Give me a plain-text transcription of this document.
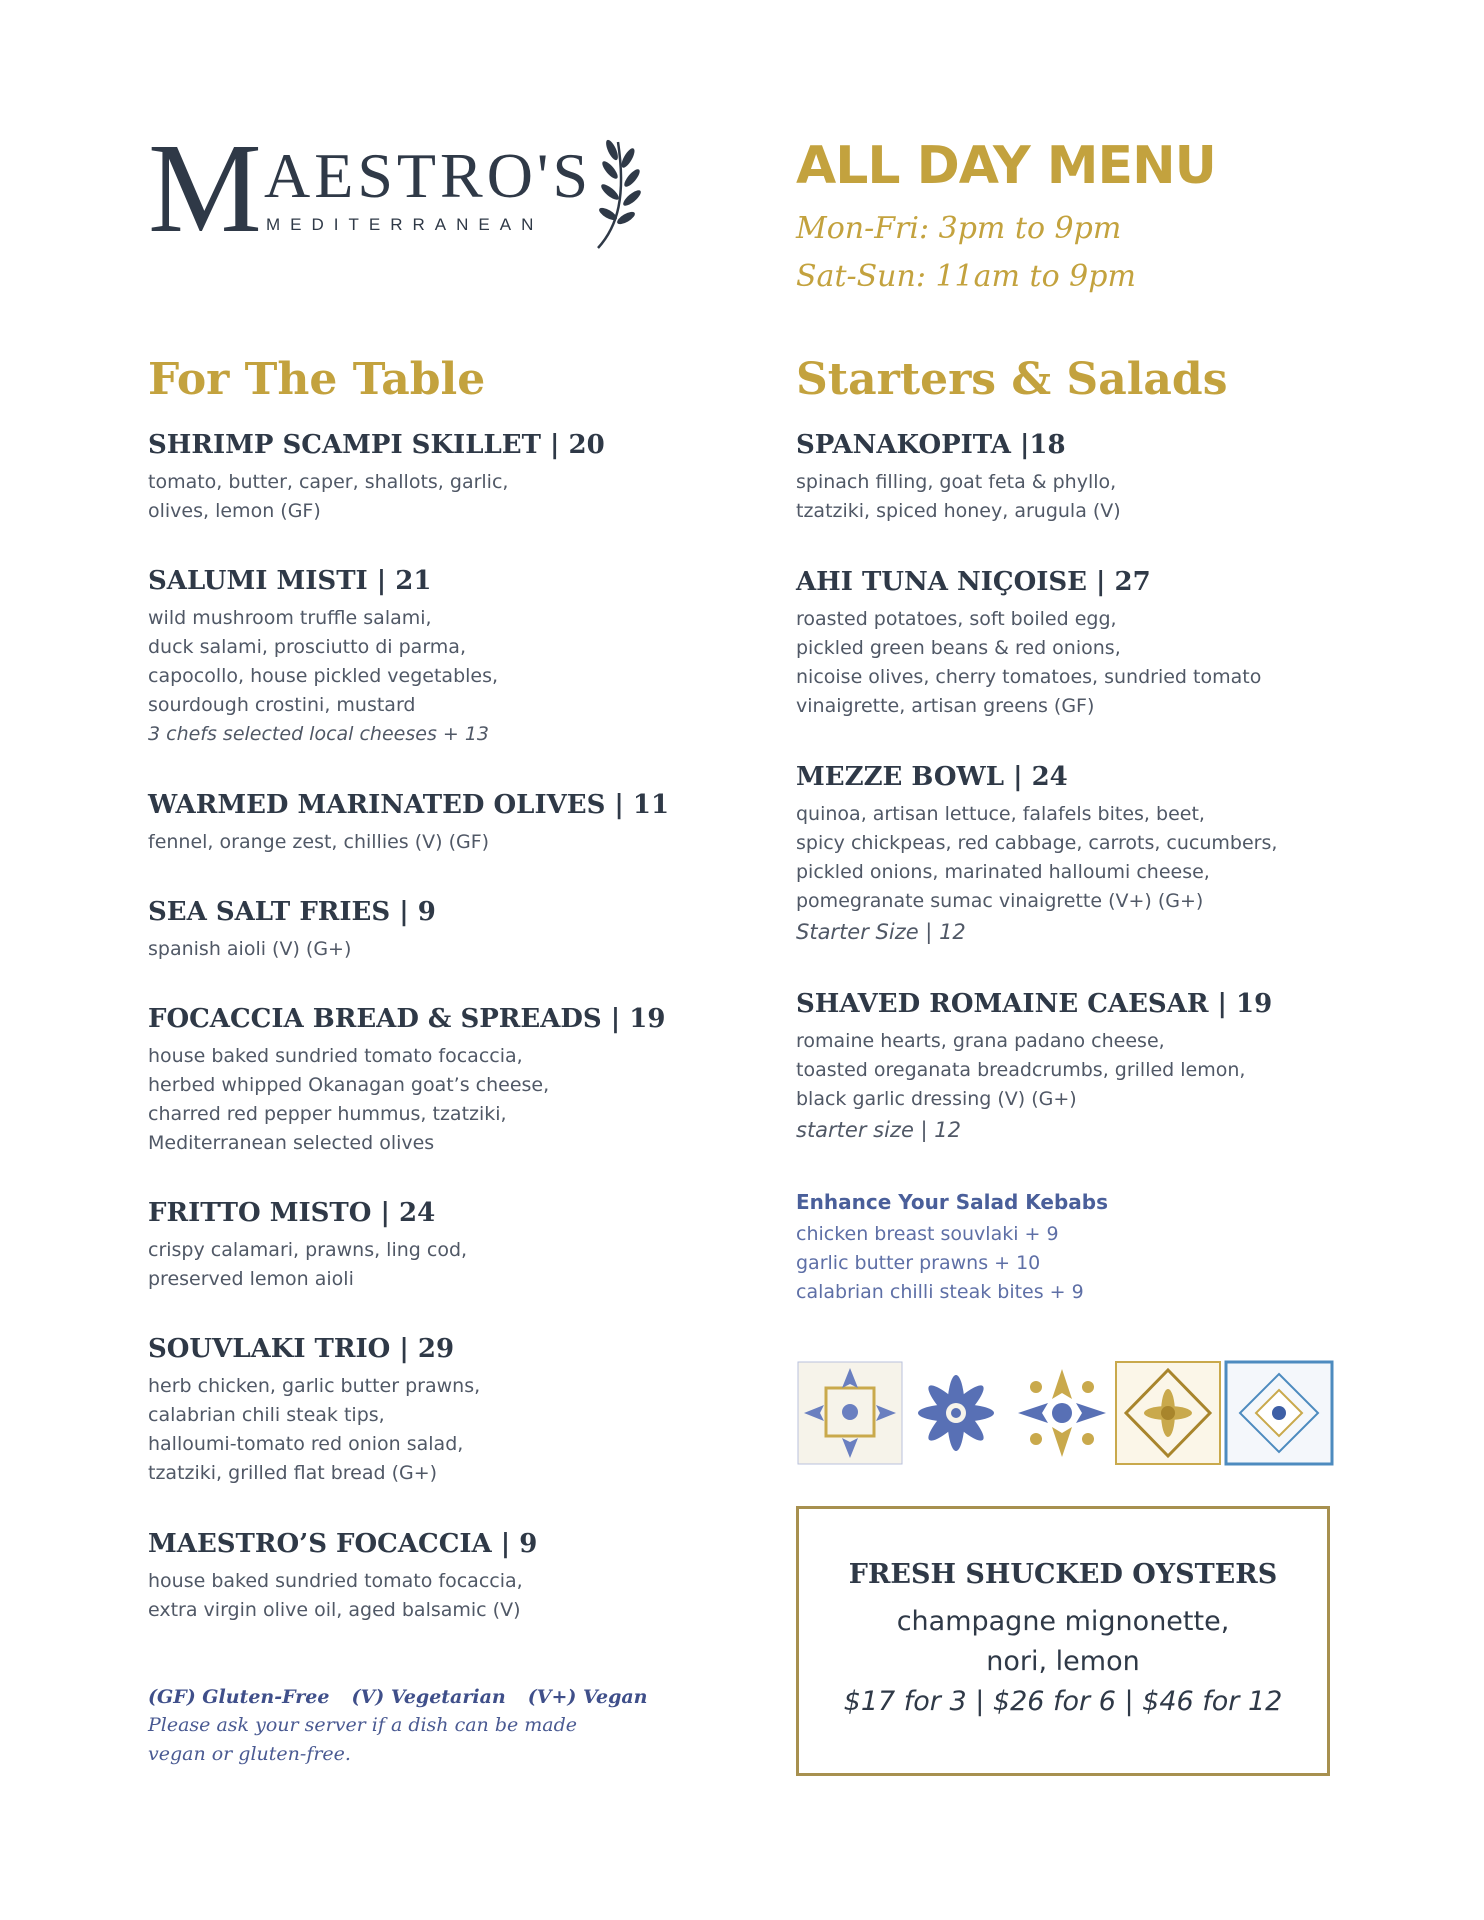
M AESTRO'S
MEDITERRANEAN
ALL DAY MENU
Mon-Fri: 3pm to 9pm
Sat-Sun: 11am to 9pm
For The Table
SHRIMP SCAMPI SKILLET | 20
tomato, butter, caper, shallots, garlic,
olives, lemon (GF)
SALUMI MISTI | 21
wild mushroom truffle salami,
duck salami, prosciutto di parma,
capocollo, house pickled vegetables,
sourdough crostini, mustard
3 chefs selected local cheeses + 13
WARMED MARINATED OLIVES | 11
fennel, orange zest, chillies (V) (GF)
SEA SALT FRIES | 9
spanish aioli (V) (G+)
FOCACCIA BREAD & SPREADS | 19
house baked sundried tomato focaccia,
herbed whipped Okanagan goat’s cheese,
charred red pepper hummus, tzatziki,
Mediterranean selected olives
FRITTO MISTO | 24
crispy calamari, prawns, ling cod,
preserved lemon aioli
SOUVLAKI TRIO | 29
herb chicken, garlic butter prawns,
calabrian chili steak tips,
halloumi-tomato red onion salad,
tzatziki, grilled flat bread (G+)
MAESTRO’S FOCACCIA | 9
house baked sundried tomato focaccia,
extra virgin olive oil, aged balsamic (V)
(GF) Gluten-Free (V) Vegetarian (V+) Vegan
Please ask your server if a dish can be made
vegan or gluten-free.
Starters & Salads
SPANAKOPITA |18
spinach filling, goat feta & phyllo,
tzatziki, spiced honey, arugula (V)
AHI TUNA NIÇOISE | 27
roasted potatoes, soft boiled egg,
pickled green beans & red onions,
nicoise olives, cherry tomatoes, sundried tomato
vinaigrette, artisan greens (GF)
MEZZE BOWL | 24
quinoa, artisan lettuce, falafels bites, beet,
spicy chickpeas, red cabbage, carrots, cucumbers,
pickled onions, marinated halloumi cheese,
pomegranate sumac vinaigrette (V+) (G+)
Starter Size | 12
SHAVED ROMAINE CAESAR | 19
romaine hearts, grana padano cheese,
toasted oreganata breadcrumbs, grilled lemon,
black garlic dressing (V) (G+)
starter size | 12
Enhance Your Salad Kebabs
chicken breast souvlaki + 9
garlic butter prawns + 10
calabrian chilli steak bites + 9
FRESH SHUCKED OYSTERS
champagne mignonette,
nori, lemon
$17 for 3 | $26 for 6 | $46 for 12
